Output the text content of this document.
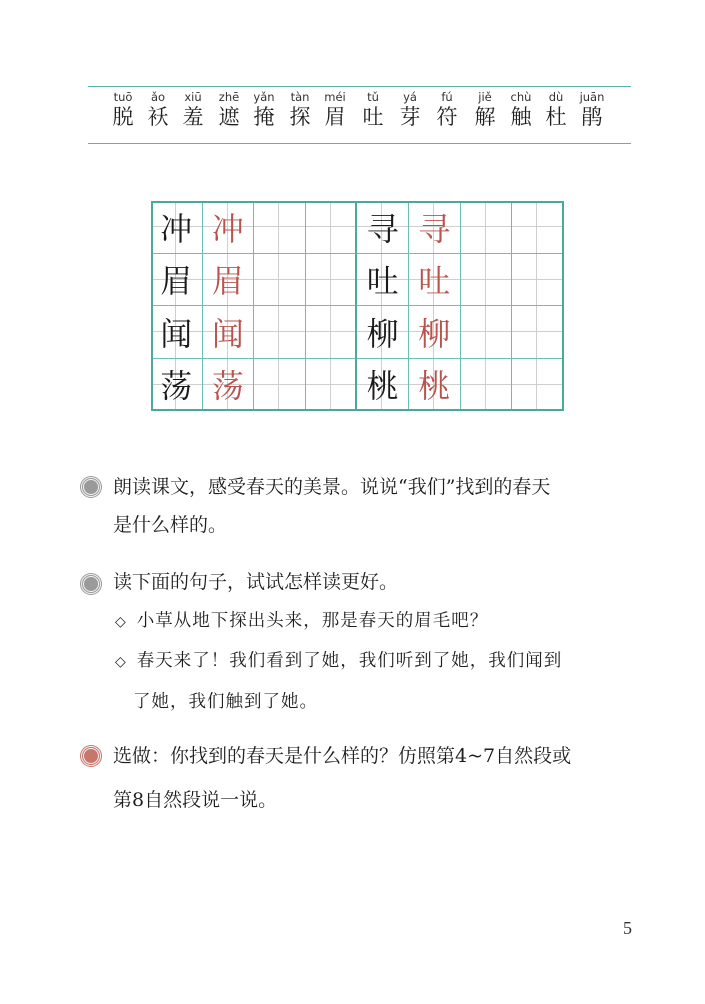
tuō
脱
ǎo
袄
xiū
羞
zhē
遮
yǎn
掩
tàn
探
méi
眉
tǔ
吐
yá
芽
fú
符
jiě
解
chù
触
dù
杜
juān
鹃
冲 冲	寻 寻
眉 眉	吐 吐
闻 闻	柳 柳
荡 荡	桃 桃
朗读课文，感受春天的美景。说说“我们”找到的春天
是什么样的。
读下面的句子，试试怎样读更好。
◇ 小草从地下探出头来，那是春天的眉毛吧？
◇ 春天来了！我们看到了她，我们听到了她，我们闻到
了她，我们触到了她。
选做：你找到的春天是什么样的？仿照第4~7自然段或
第8自然段说一说。
5
